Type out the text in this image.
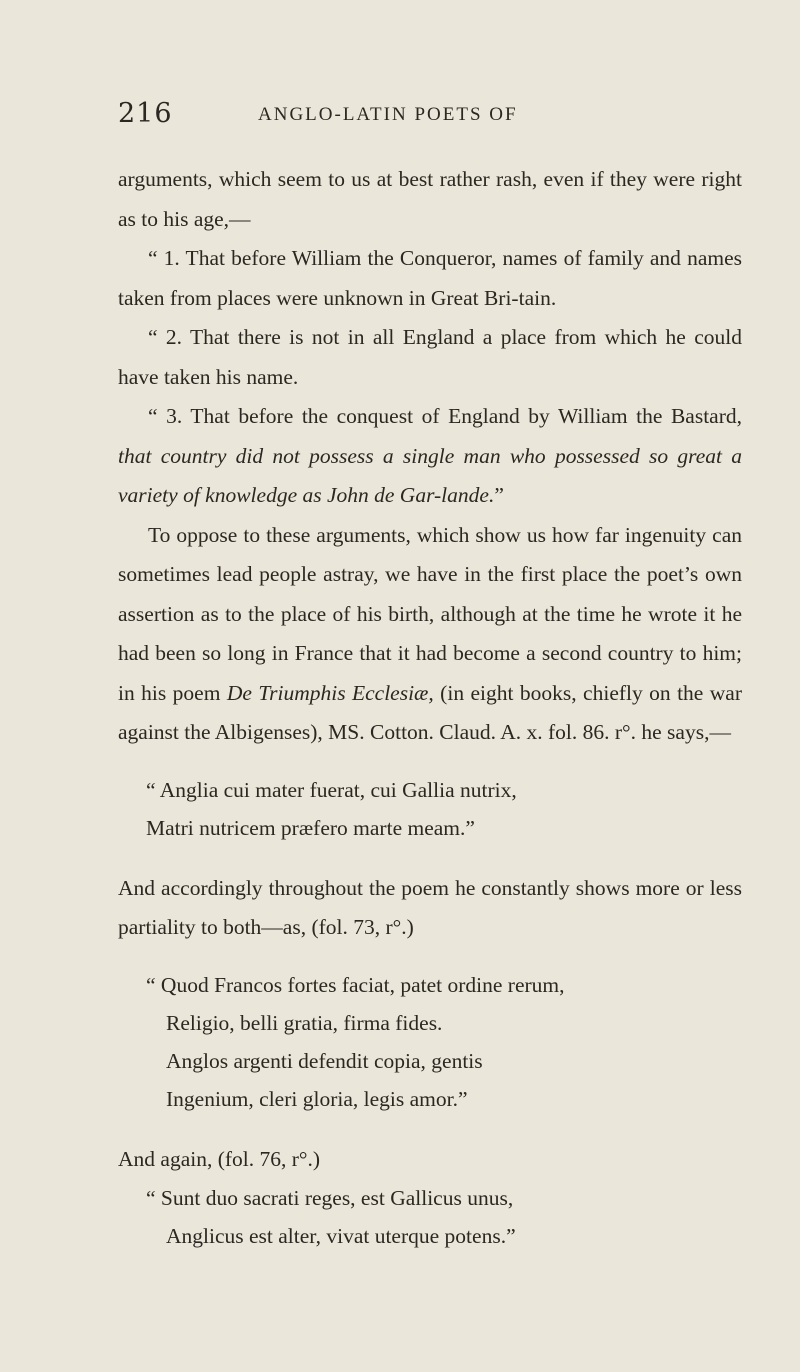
216	ANGLO-LATIN POETS OF

arguments, which seem to us at best rather rash, even if they were right as to his age,—

“ 1. That before William the Conqueror, names of family and names taken from places were unknown in Great Bri-tain.

“ 2. That there is not in all England a place from which he could have taken his name.

“ 3. That before the conquest of England by William the Bastard, that country did not possess a single man who possessed so great a variety of knowledge as John de Gar-lande.”

To oppose to these arguments, which show us how far ingenuity can sometimes lead people astray, we have in the first place the poet’s own assertion as to the place of his birth, although at the time he wrote it he had been so long in France that it had become a second country to him; in his poem De Triumphis Ecclesiæ, (in eight books, chiefly on the war against the Albigenses), MS. Cotton. Claud. A. x. fol. 86. r°. he says,—

“ Anglia cui mater fuerat, cui Gallia nutrix,
Matri nutricem præfero marte meam.”

And accordingly throughout the poem he constantly shows more or less partiality to both—as, (fol. 73, r°.)

“ Quod Francos fortes faciat, patet ordine rerum,
Religio, belli gratia, firma fides.
Anglos argenti defendit copia, gentis
Ingenium, cleri gloria, legis amor.”

And again, (fol. 76, r°.)

“ Sunt duo sacrati reges, est Gallicus unus,
Anglicus est alter, vivat uterque potens.”
